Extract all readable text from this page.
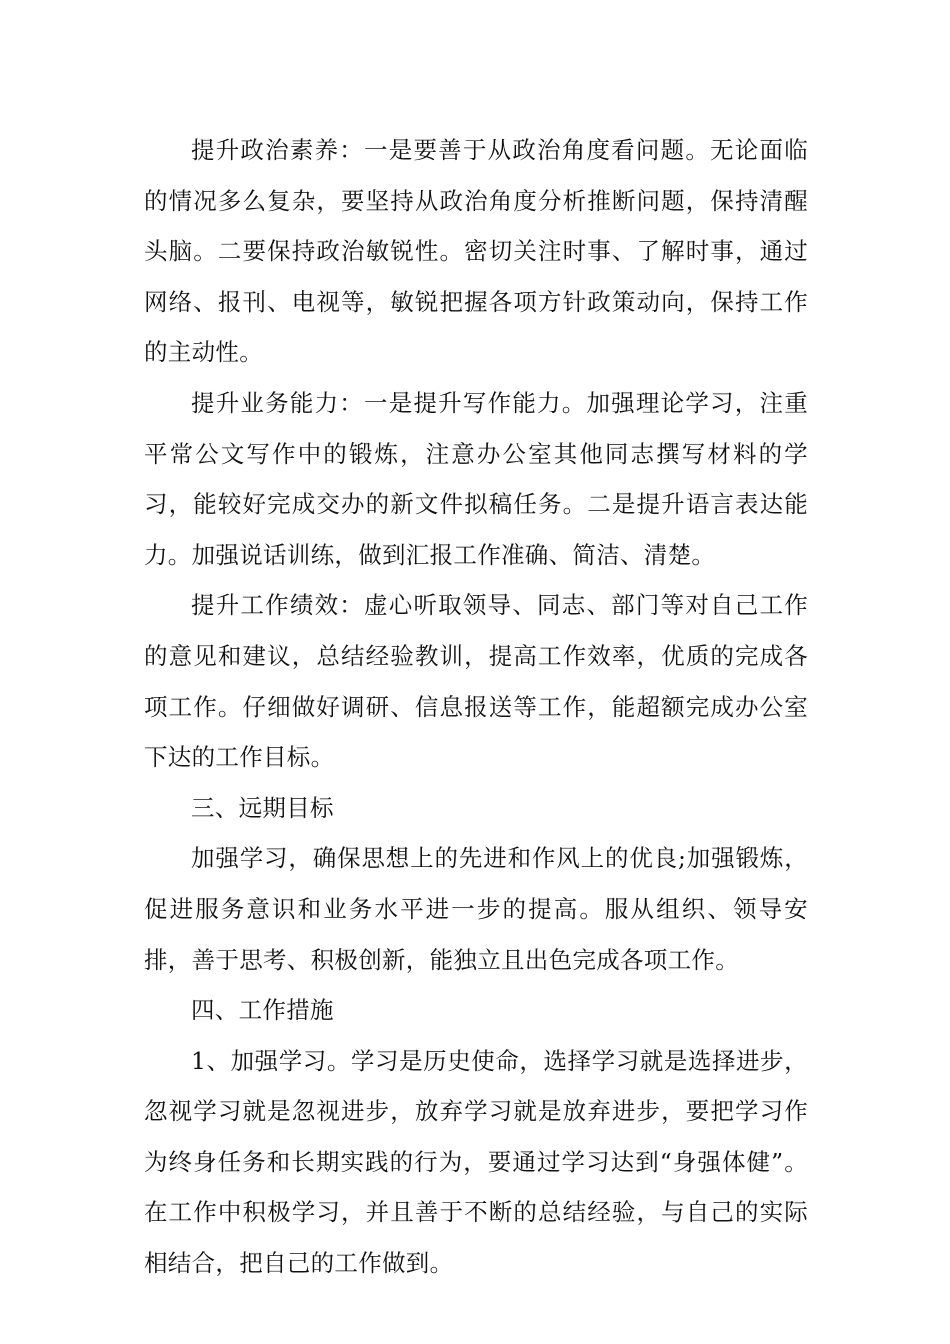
提升政治素养：一是要善于从政治角度看问题。无论面临的情况多么复杂，要坚持从政治角度分析推断问题，保持清醒头脑。二要保持政治敏锐性。密切关注时事、了解时事，通过网络、报刊、电视等，敏锐把握各项方针政策动向，保持工作的主动性。

提升业务能力：一是提升写作能力。加强理论学习，注重平常公文写作中的锻炼，注意办公室其他同志撰写材料的学习，能较好完成交办的新文件拟稿任务。二是提升语言表达能力。加强说话训练，做到汇报工作准确、简洁、清楚。

提升工作绩效：虚心听取领导、同志、部门等对自己工作的意见和建议，总结经验教训，提高工作效率，优质的完成各项工作。仔细做好调研、信息报送等工作，能超额完成办公室下达的工作目标。

三、远期目标

加强学习，确保思想上的先进和作风上的优良;加强锻炼，促进服务意识和业务水平进一步的提高。服从组织、领导安排，善于思考、积极创新，能独立且出色完成各项工作。

四、工作措施

1、加强学习。学习是历史使命，选择学习就是选择进步，忽视学习就是忽视进步，放弃学习就是放弃进步，要把学习作为终身任务和长期实践的行为，要通过学习达到“身强体健”。在工作中积极学习，并且善于不断的总结经验，与自己的实际相结合，把自己的工作做到。
